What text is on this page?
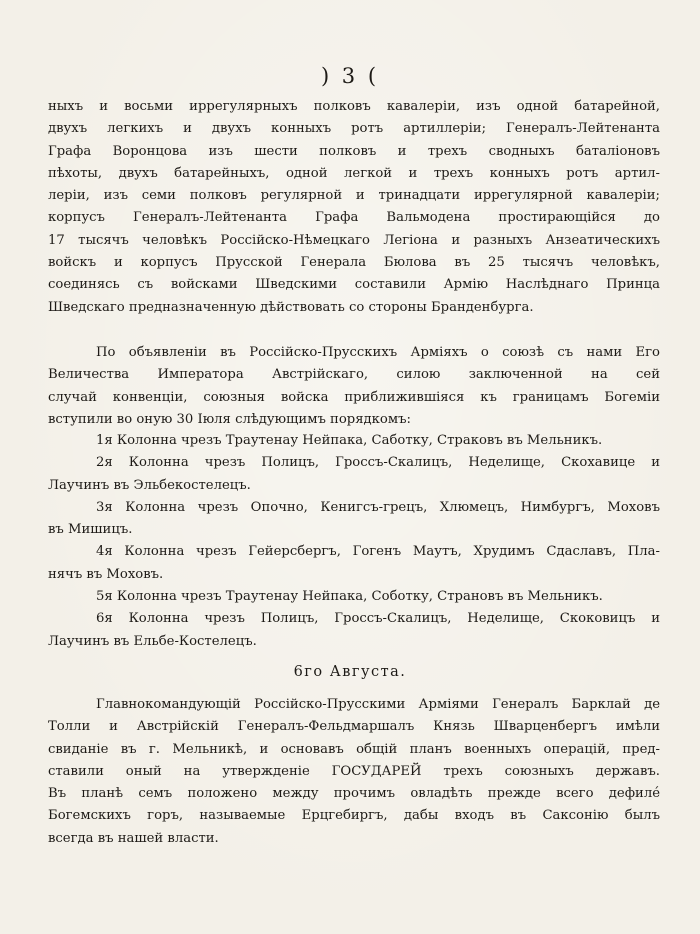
) 3 (
ныхъ и восьми иррегулярныхъ полковъ кавалерiи, изъ одной батарейной,
двухъ легкихъ и двухъ конныхъ ротъ артиллерiи; Генералъ-Лейтенанта
Графа Воронцова изъ шести полковъ и трехъ сводныхъ баталiоновъ
пѣхоты, двухъ батарейныхъ, одной легкой и трехъ конныхъ ротъ артил-
лерiи, изъ семи полковъ регулярной и тринадцати иррегулярной кавалерiи;
корпусъ Генералъ-Лейтенанта Графа Вальмодена простирающiйся до
17 тысячъ человѣкъ Россiйско-Нѣмецкаго Легiона и разныхъ Анзеатическихъ
войскъ и корпусъ Прусской Генерала Бюлова въ 25 тысячъ человѣкъ,
соединясь съ войсками Шведскими составили Армiю Наслѣднаго Принца
Шведскаго предназначенную дѣйствовать со стороны Бранденбурга.
По объявленiи въ Россiйско-Прусскихъ Армiяхъ о союзѣ съ нами Его
Величества Императора Австрiйскаго, силою заключенной на сей
случай конвенцiи, союзныя войска приближившiяся къ границамъ Богемiи
вступили во оную 30 Iюля слѣдующимъ порядкомъ:
1я Колонна чрезъ Траутенау Нейпака, Саботку, Страковъ въ Мельникъ.
2я Колонна чрезъ Полицъ, Гроссъ-Скалицъ, Неделище, Скохавице и
Лаучинъ въ Эльбекостелецъ.
3я Колонна чрезъ Опочно, Кенигсъ-грецъ, Хлюмецъ, Нимбургъ, Моховъ
въ Мишицъ.
4я Колонна чрезъ Гейерсбергъ, Гогенъ Маутъ, Хрудимъ Сдаславъ, Пла-
нячъ въ Моховъ.
5я Колонна чрезъ Траутенау Нейпака, Соботку, Страновъ въ Мельникъ.
6я Колонна чрезъ Полицъ, Гроссъ-Скалицъ, Неделище, Скоковицъ и
Лаучинъ въ Ельбе-Костелецъ.
6го Августа.
Главнокомандующiй Россiйско-Прусскими Армiями Генералъ Барклай де
Толли и Австрiйскiй Генералъ-Фельдмаршалъ Князь Шварценбергъ имѣли
свиданiе въ г. Мельникѣ, и основавъ общiй планъ военныхъ операцiй, пред-
ставили оный на утвержденiе ГОСУДАРЕЙ трехъ союзныхъ державъ.
Въ планѣ семъ положено между прочимъ овладѣть прежде всего дефилé
Богемскихъ горъ, называемые Ерцгебиргъ, дабы входъ въ Саксонiю былъ
всегда въ нашей власти.
